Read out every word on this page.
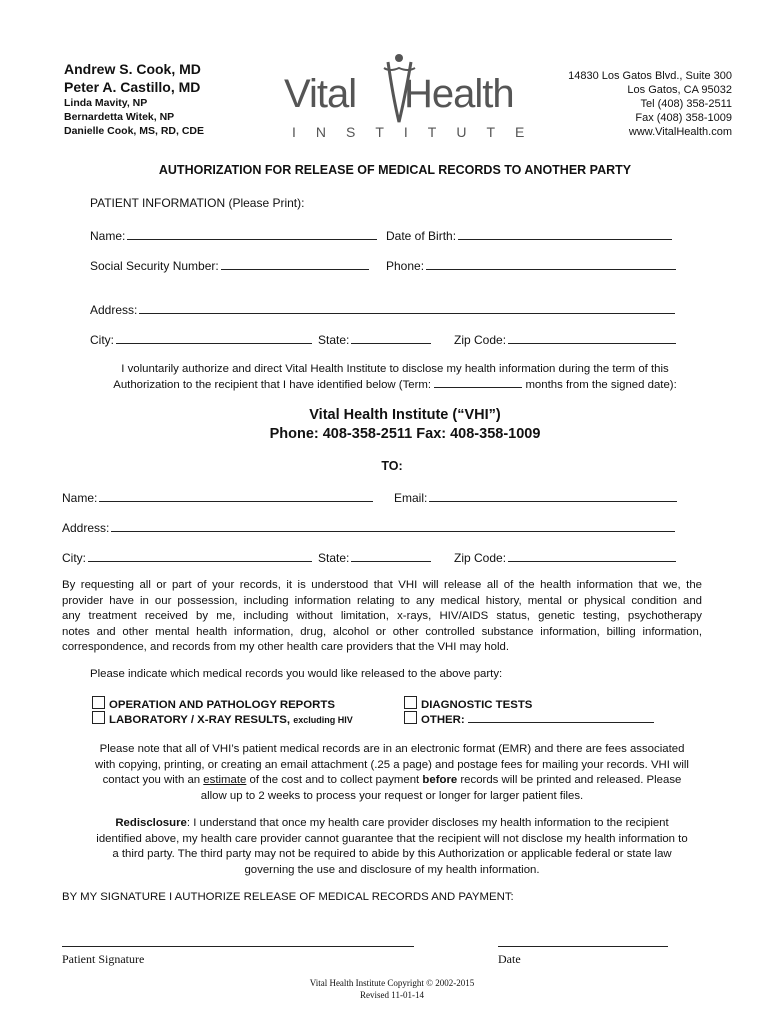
Andrew S. Cook, MD
Peter A. Castillo, MD
Linda Mavity, NP
Bernardetta Witek, NP
Danielle Cook, MS, RD, CDE
Vital Health
INSTITUTE
14830 Los Gatos Blvd., Suite 300
Los Gatos, CA 95032
Tel (408) 358-2511
Fax (408) 358-1009
www.VitalHealth.com
AUTHORIZATION FOR RELEASE OF MEDICAL RECORDS TO ANOTHER PARTY
PATIENT INFORMATION (Please Print):
Name:	Date of Birth:
Social Security Number:	Phone:
Address:
City:	State:	Zip Code:
I voluntarily authorize and direct Vital Health Institute to disclose my health information during the term of this
Authorization to the recipient that I have identified below (Term:	months from the signed date):
Vital Health Institute (“VHI”)
Phone: 408-358-2511 Fax: 408-358-1009
TO:
Name:	Email:
Address:
City:	State:	Zip Code:
By requesting all or part of your records, it is understood that VHI will release all of the health information that we, the
provider have in our possession, including information relating to any medical history, mental or physical condition and
any treatment received by me, including without limitation, x-rays, HIV/AIDS status, genetic testing, psychotherapy
notes and other mental health information, drug, alcohol or other controlled substance information, billing information,
correspondence, and records from my other health care providers that the VHI may hold.
Please indicate which medical records you would like released to the above party:
OPERATION AND PATHOLOGY REPORTS
LABORATORY / X-RAY RESULTS, excluding HIV
DIAGNOSTIC TESTS
OTHER:
Please note that all of VHI’s patient medical records are in an electronic format (EMR) and there are fees associated
with copying, printing, or creating an email attachment (.25 a page) and postage fees for mailing your records. VHI will
contact you with an estimate of the cost and to collect payment before records will be printed and released. Please
allow up to 2 weeks to process your request or longer for larger patient files.
Redisclosure: I understand that once my health care provider discloses my health information to the recipient
identified above, my health care provider cannot guarantee that the recipient will not disclose my health information to
a third party. The third party may not be required to abide by this Authorization or applicable federal or state law
governing the use and disclosure of my health information.
BY MY SIGNATURE I AUTHORIZE RELEASE OF MEDICAL RECORDS AND PAYMENT:
Patient Signature	Date
Vital Health Institute Copyright © 2002-2015
Revised 11-01-14
